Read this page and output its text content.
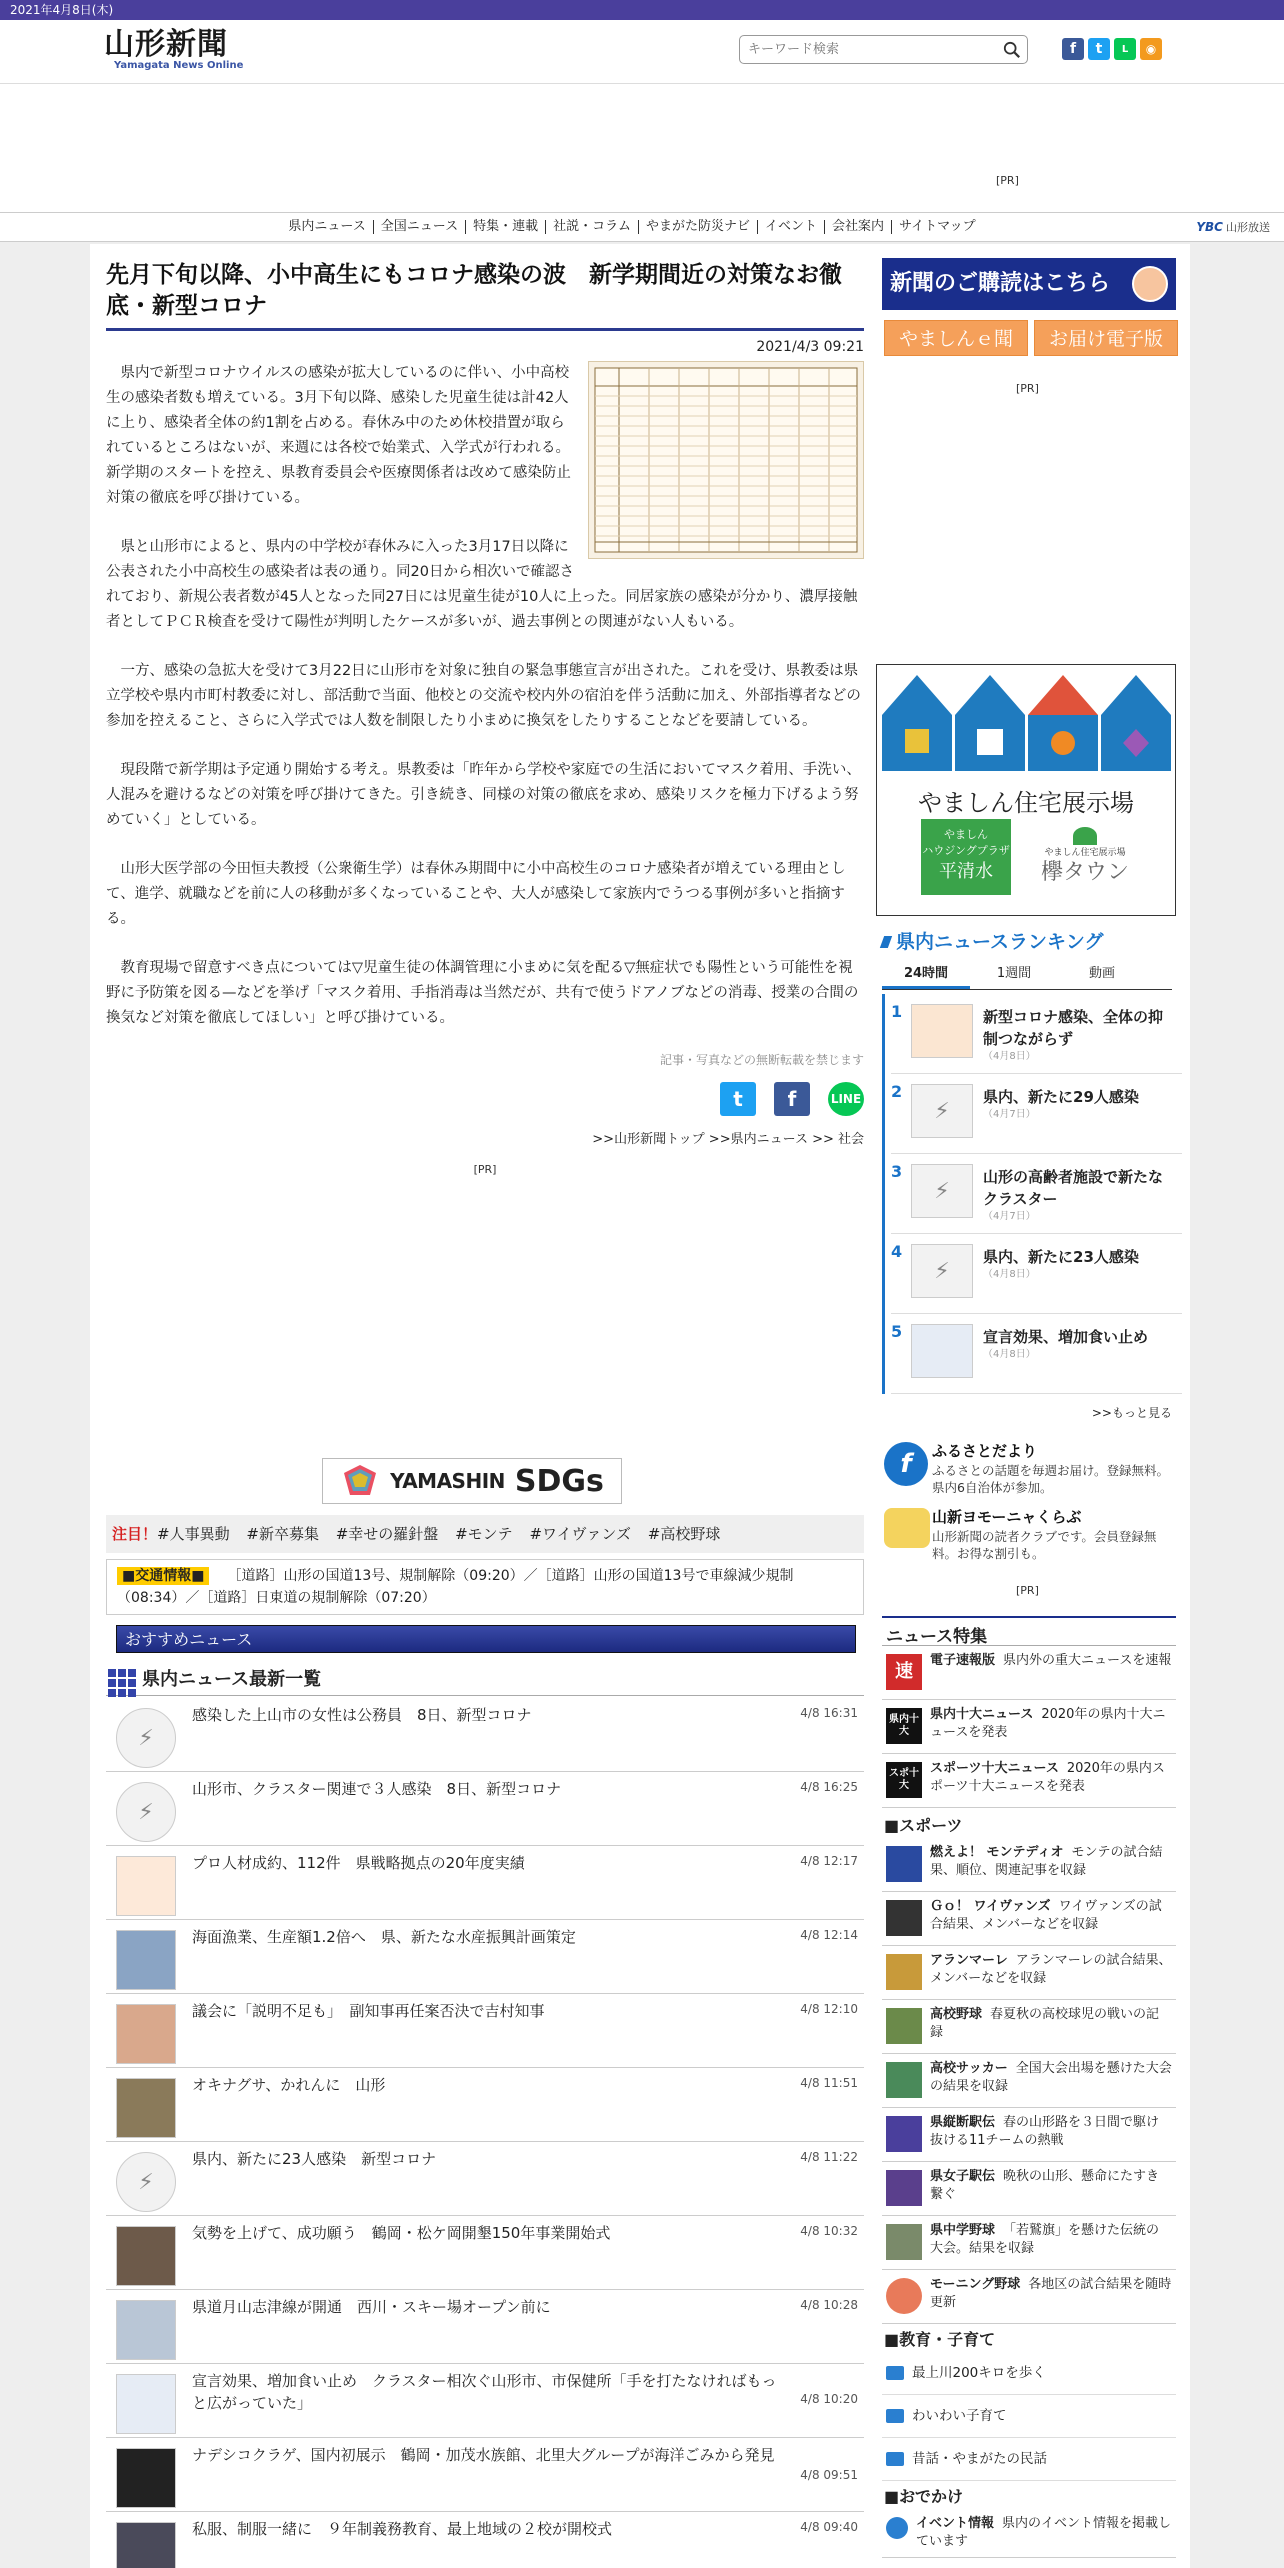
2021年4月8日(木)
山形新聞
Yamagata News Online
キーワード検索
f	t	L	◉
[PR]
県内ニュース	全国ニュース	特集・連載	社説・コラム	やまがた防災ナビ	イベント	会社案内	サイトマップ	YBC 山形放送
先月下旬以降、小中高生にもコロナ感染の波　新学期間近の対策なお徹底・新型コロナ
2021/4/3 09:21

県内で新型コロナウイルスの感染が拡大しているのに伴い、小中高校生の感染者数も増えている。3月下旬以降、感染した児童生徒は計42人に上り、感染者全体の約1割を占める。春休み中のため休校措置が取られているところはないが、来週には各校で始業式、入学式が行われる。新学期のスタートを控え、県教育委員会や医療関係者は改めて感染防止対策の徹底を呼び掛けている。

県と山形市によると、県内の中学校が春休みに入った3月17日以降に公表された小中高校生の感染者は表の通り。同20日から相次いで確認されており、新規公表者数が45人となった同27日には児童生徒が10人に上った。同居家族の感染が分かり、濃厚接触者としてＰＣＲ検査を受けて陽性が判明したケースが多いが、過去事例との関連がない人もいる。

一方、感染の急拡大を受けて3月22日に山形市を対象に独自の緊急事態宣言が出された。これを受け、県教委は県立学校や県内市町村教委に対し、部活動で当面、他校との交流や校内外の宿泊を伴う活動に加え、外部指導者などの参加を控えること、さらに入学式では人数を制限したり小まめに換気をしたりすることなどを要請している。

現段階で新学期は予定通り開始する考え。県教委は「昨年から学校や家庭での生活においてマスク着用、手洗い、人混みを避けるなどの対策を呼び掛けてきた。引き続き、同様の対策の徹底を求め、感染リスクを極力下げるよう努めていく」としている。

山形大医学部の今田恒夫教授（公衆衛生学）は春休み期間中に小中高校生のコロナ感染者が増えている理由として、進学、就職などを前に人の移動が多くなっていることや、大人が感染して家族内でうつる事例が多いと指摘する。

教育現場で留意すべき点については▽児童生徒の体調管理に小まめに気を配る▽無症状でも陽性という可能性を視野に予防策を図る—などを挙げ「マスク着用、手指消毒は当然だが、共有で使うドアノブなどの消毒、授業の合間の換気など対策を徹底してほしい」と呼び掛けている。

記事・写真などの無断転載を禁じます
t	f	LINE
>>山形新聞トップ >>県内ニュース >> 社会
[PR]
YAMASHIN SDGs
注目！#人事異動 #新卒募集 #幸せの羅針盤 #モンテ #ワイヴァンズ #高校野球
■交通情報■ ［道路］山形の国道13号、規制解除（09:20）／［道路］山形の国道13号で車線減少規制（08:34）／［道路］日東道の規制解除（07:20）
おすすめニュース
県内ニュース最新一覧
⚡
感染した上山市の女性は公務員　8日、新型コロナ	4/8 16:31
⚡
山形市、クラスター関連で３人感染　8日、新型コロナ	4/8 16:25
プロ人材成約、112件　県戦略拠点の20年度実績	4/8 12:17
海面漁業、生産額1.2倍へ　県、新たな水産振興計画策定	4/8 12:14
議会に「説明不足も」　副知事再任案否決で吉村知事	4/8 12:10
オキナグサ、かれんに　山形	4/8 11:51
⚡
県内、新たに23人感染　新型コロナ	4/8 11:22
気勢を上げて、成功願う　鶴岡・松ケ岡開墾150年事業開始式	4/8 10:32
県道月山志津線が開通　西川・スキー場オープン前に	4/8 10:28
宣言効果、増加食い止め　クラスター相次ぐ山形市、市保健所「手を打たなければもっと広がっていた」	4/8 10:20
ナデシコクラゲ、国内初展示　鶴岡・加茂水族館、北里大グループが海洋ごみから発見
4/8 09:51
私服、制服一緒に　９年制義務教育、最上地域の２校が開校式	4/8 09:40
新聞のご購読はこちら
やましんｅ聞	お届け電子版
[PR]
やましん住宅展示場
やましん
ハウジングプラザ
平清水
やましん住宅展示場
欅タウン
県内ニュースランキング
24時間	1週間	動画
1	新型コロナ感染、全体の抑制つながらず
（4月8日）
2
⚡
県内、新たに29人感染
（4月7日）
3
⚡
山形の高齢者施設で新たなクラスター
（4月7日）
4
⚡
県内、新たに23人感染
（4月8日）
5	宣言効果、増加食い止め
（4月8日）
>>もっと見る
f	ふるさとだより
ふるさとの話題を毎週お届け。登録無料。県内6自治体が参加。
山新ヨモーニャくらぶ
山形新聞の読者クラブです。会員登録無料。お得な割引も。
[PR]
ニュース特集
速
電子速報版 県内外の重大ニュースを速報
県内十大
県内十大ニュース 2020年の県内十大ニュースを発表
スポ十大
スポーツ十大ニュース 2020年の県内スポーツ十大ニュースを発表
■スポーツ
燃えよ！ モンテディオ モンテの試合結果、順位、関連記事を収録
Ｇｏ！ ワイヴァンズ ワイヴァンズの試合結果、メンバーなどを収録
アランマーレ アランマーレの試合結果、メンバーなどを収録
高校野球 春夏秋の高校球児の戦いの記録
高校サッカー 全国大会出場を懸けた大会の結果を収録
県縦断駅伝 春の山形路を３日間で駆け抜ける11チームの熱戦
県女子駅伝 晩秋の山形、懸命にたすき繋ぐ
県中学野球 「若鷲旗」を懸けた伝統の大会。結果を収録
モーニング野球 各地区の試合結果を随時更新
■教育・子育て
最上川200キロを歩く
わいわい子育て
昔話・やまがたの民話
■おでかけ
イベント情報 県内のイベント情報を掲載しています
